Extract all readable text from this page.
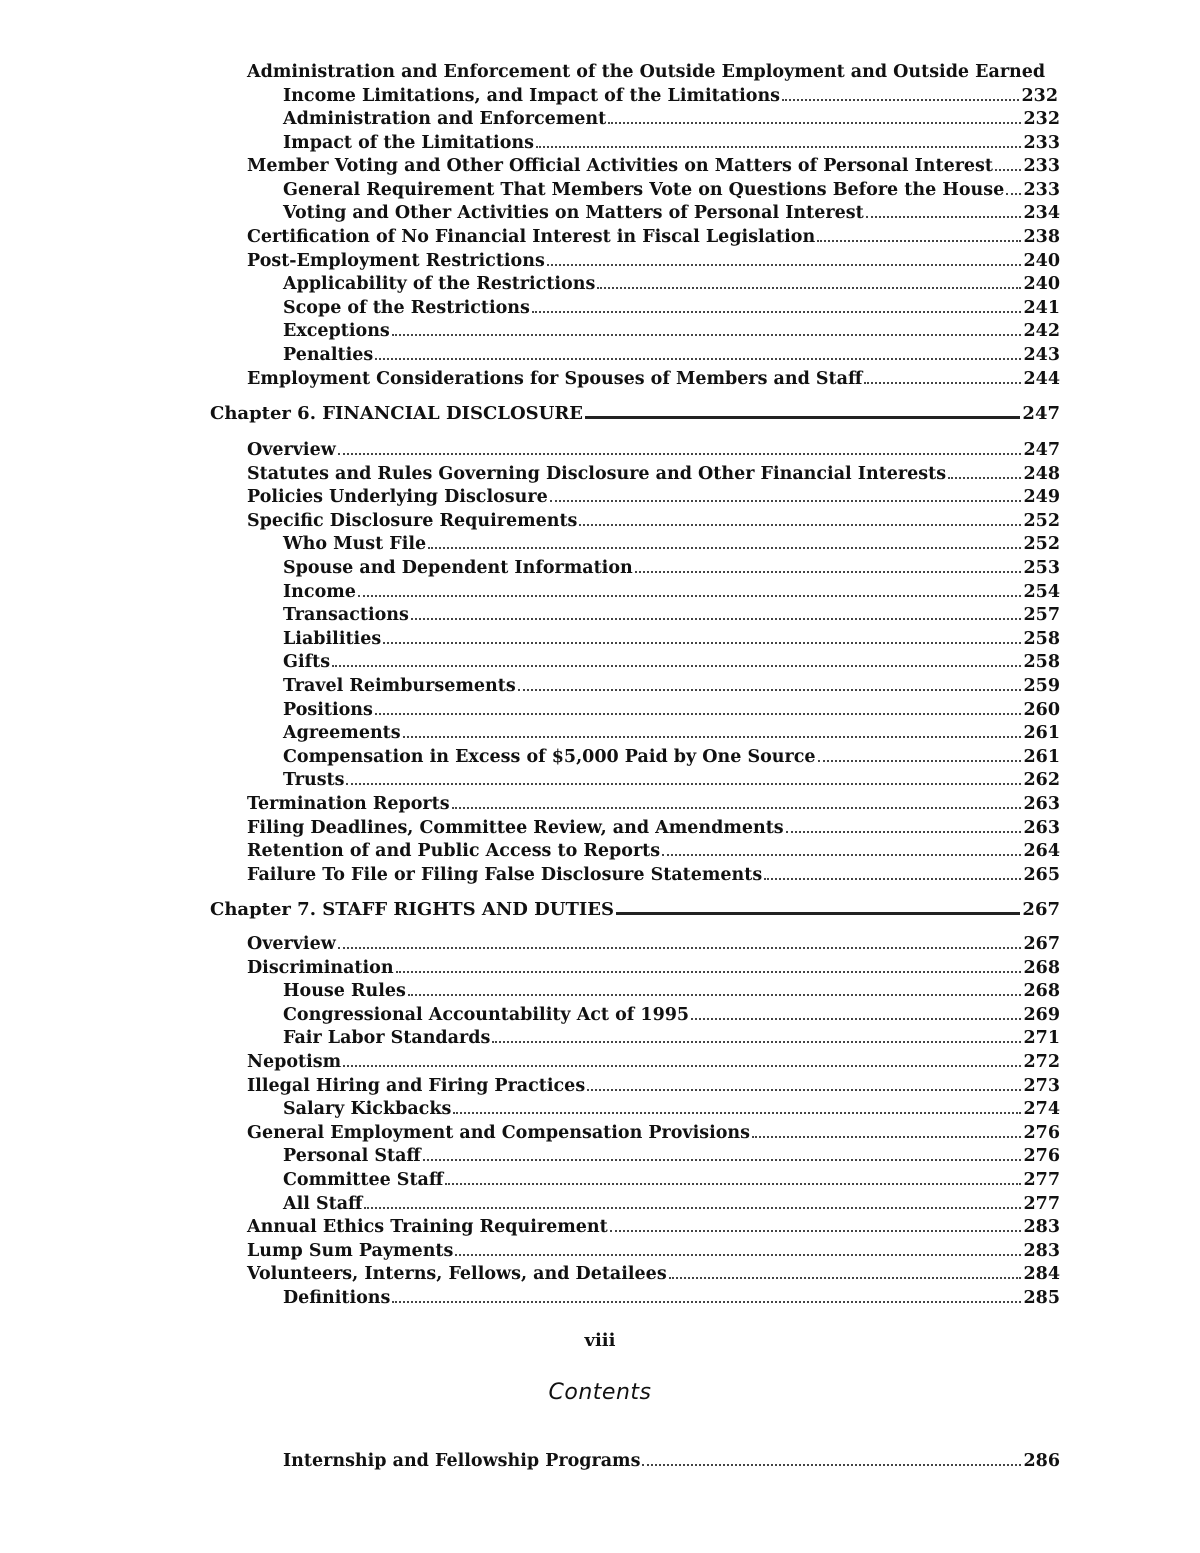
Administration and Enforcement of the Outside Employment and Outside Earned
Income Limitations, and Impact of the Limitations	232
Administration and Enforcement	232
Impact of the Limitations	233
Member Voting and Other Official Activities on Matters of Personal Interest 233
General Requirement That Members Vote on Questions Before the House 233
Voting and Other Activities on Matters of Personal Interest	234
Certification of No Financial Interest in Fiscal Legislation	238
Post-Employment Restrictions	240
Applicability of the Restrictions	240
Scope of the Restrictions	241
Exceptions	242
Penalties	243
Employment Considerations for Spouses of Members and Staff	244
Chapter 6. FINANCIAL DISCLOSURE	247
Overview	247
Statutes and Rules Governing Disclosure and Other Financial Interests	248
Policies Underlying Disclosure	249
Specific Disclosure Requirements	252
Who Must File	252
Spouse and Dependent Information	253
Income	254
Transactions	257
Liabilities	258
Gifts	258
Travel Reimbursements	259
Positions	260
Agreements	261
Compensation in Excess of $5,000 Paid by One Source	261
Trusts	262
Termination Reports	263
Filing Deadlines, Committee Review, and Amendments	263
Retention of and Public Access to Reports	264
Failure To File or Filing False Disclosure Statements	265
Chapter 7. STAFF RIGHTS AND DUTIES	267
Overview	267
Discrimination	268
House Rules	268
Congressional Accountability Act of 1995	269
Fair Labor Standards	271
Nepotism	272
Illegal Hiring and Firing Practices	273
Salary Kickbacks	274
General Employment and Compensation Provisions	276
Personal Staff	276
Committee Staff	277
All Staff	277
Annual Ethics Training Requirement	283
Lump Sum Payments	283
Volunteers, Interns, Fellows, and Detailees	284
Definitions	285
viii
Contents
Internship and Fellowship Programs	286
